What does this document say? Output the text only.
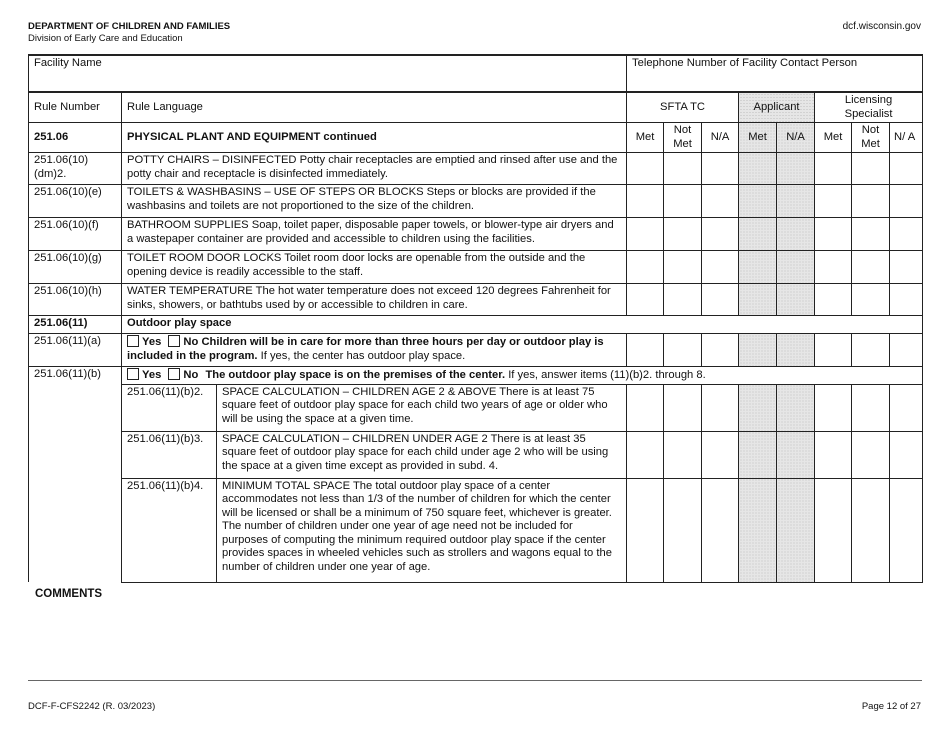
DEPARTMENT OF CHILDREN AND FAMILIES
Division of Early Care and Education
dcf.wisconsin.gov
Facility Name			Telephone Number of Facility Contact Person							
Rule Number	Rule Language		SFTA TC			Applicant		Licensing Specialist		
251.06	PHYSICAL PLANT AND EQUIPMENT continued		Met	Not Met	N/A	Met	N/A	Met	Not Met	N/ A
251.06(10)(dm)2.	POTTY CHAIRS – DISINFECTED Potty chair receptacles are emptied and rinsed after use and the potty chair and receptacle is disinfected immediately.									
251.06(10)(e)	TOILETS & WASHBASINS – USE OF STEPS OR BLOCKS Steps or blocks are provided if the washbasins and toilets are not proportioned to the size of the children.									
251.06(10)(f)	BATHROOM SUPPLIES Soap, toilet paper, disposable paper towels, or blower-type air dryers and a wastepaper container are provided and accessible to children using the facilities.									
251.06(10)(g)	TOILET ROOM DOOR LOCKS Toilet room door locks are openable from the outside and the opening device is readily accessible to the staff.									
251.06(10)(h)	WATER TEMPERATURE The hot water temperature does not exceed 120 degrees Fahrenheit for sinks, showers, or bathtubs used by or accessible to children in care.									
251.06(11)	Outdoor play space									
251.06(11)(a)	Yes No Children will be in care for more than three hours per day or outdoor play is included in the program. If yes, the center has outdoor play space.									
251.06(11)(b)	Yes No The outdoor play space is on the premises of the center. If yes, answer items (11)(b)2. through 8.									
	251.06(11)(b)2.	SPACE CALCULATION – CHILDREN AGE 2 & ABOVE There is at least 75 square feet of outdoor play space for each child two years of age or older who will be using the space at a given time.								
	251.06(11)(b)3.	SPACE CALCULATION – CHILDREN UNDER AGE 2 There is at least 35 square feet of outdoor play space for each child under age 2 who will be using the space at a given time except as provided in subd. 4.								
	251.06(11)(b)4.	MINIMUM TOTAL SPACE The total outdoor play space of a center accommodates not less than 1/3 of the number of children for which the center will be licensed or shall be a minimum of 750 square feet, whichever is greater. The number of children under one year of age need not be included for purposes of computing the minimum required outdoor play space if the center provides spaces in wheeled vehicles such as strollers and wagons equal to the number of children under one year of age.								
COMMENTS
DCF-F-CFS2242 (R. 03/2023)	Page 12 of 27
